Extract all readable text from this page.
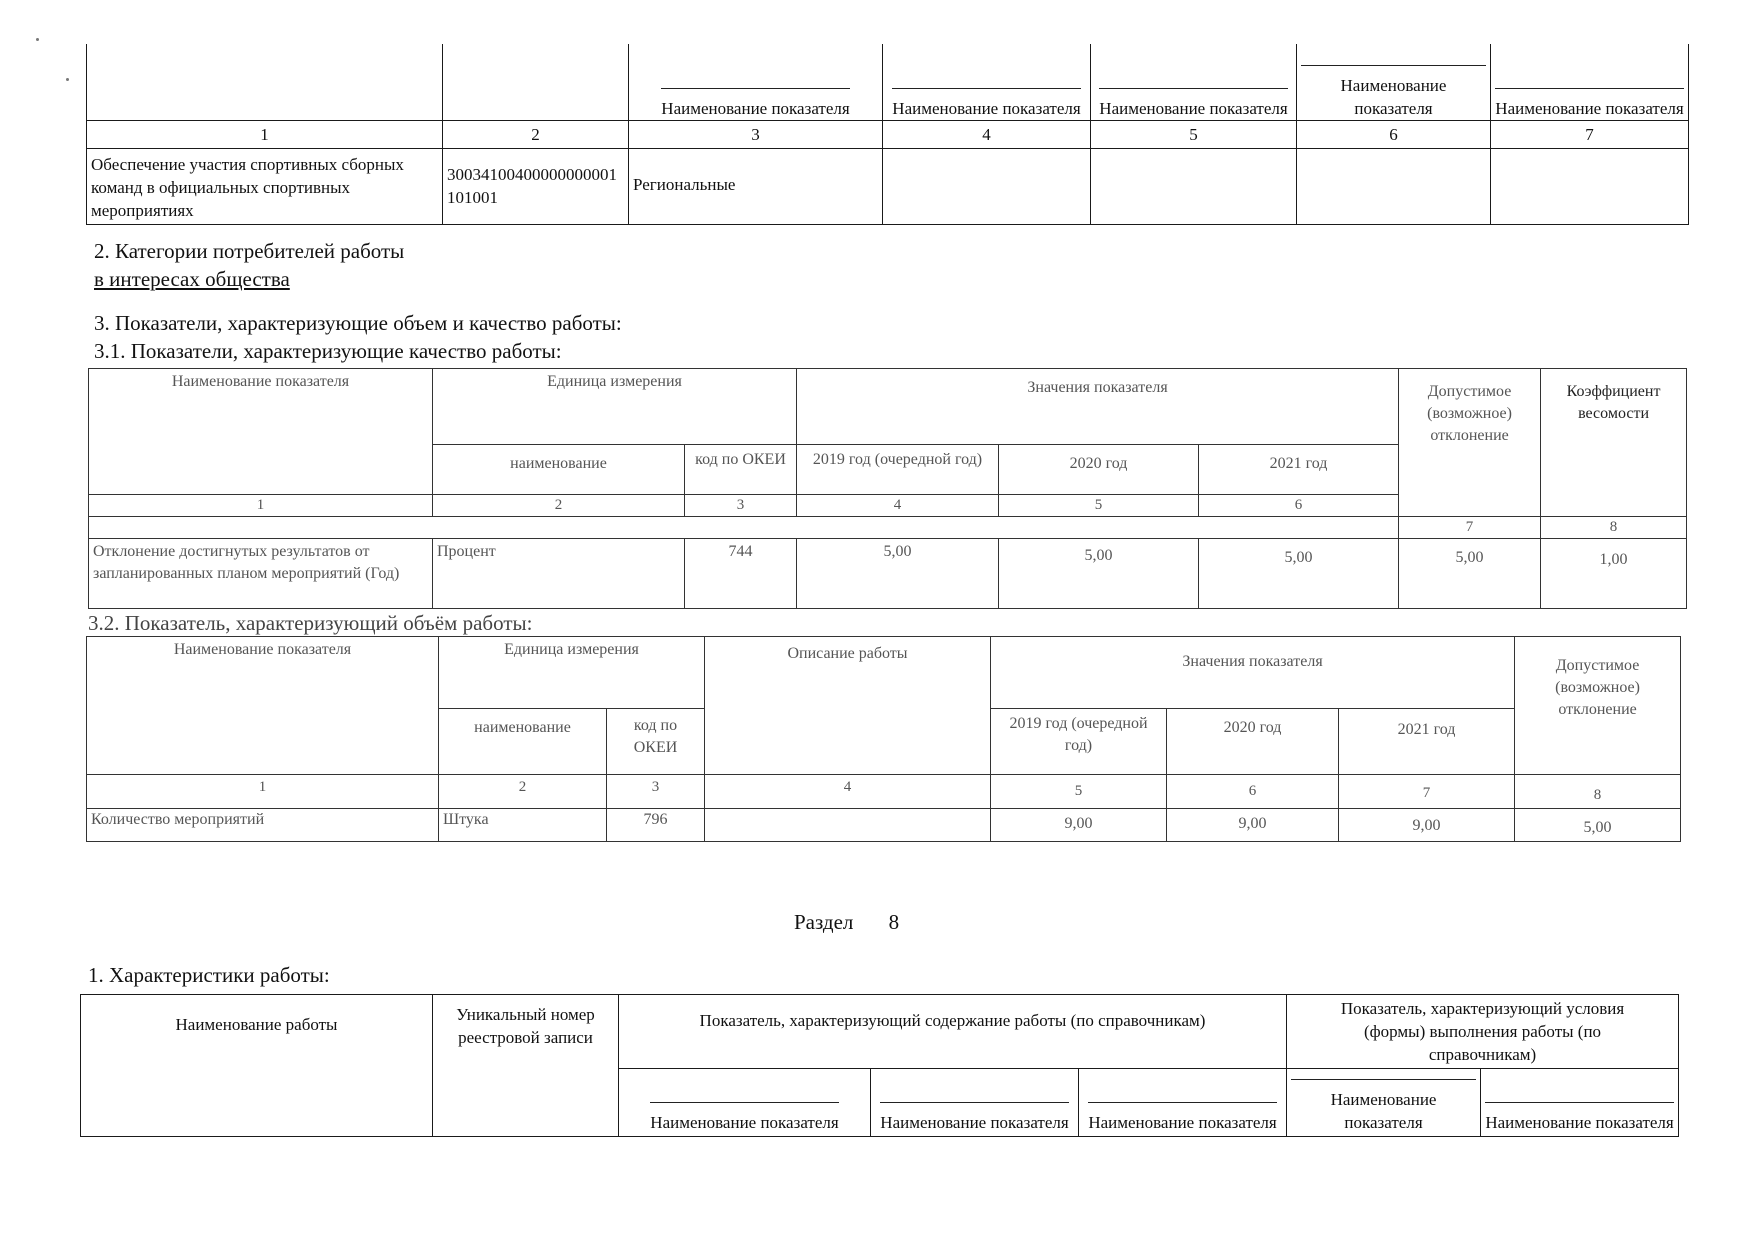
		Наименование показателя	Наименование показателя	Наименование показателя	Наименование показателя	Наименование показателя
1	2	3	4	5	6	7
Обеспечение участия спортивных сборных команд в официальных спортивных мероприятиях	30034100400000000001101001	Региональные				
2. Категории потребителей работы
в интересах общества
3. Показатели, характеризующие объем и качество работы:
3.1. Показатели, характеризующие качество работы:
Наименование показателя	Единица измерения		Значения показателя			Допустимое (возможное) отклонение	Коэффициент весомости
	наименование	код по ОКЕИ	2019 год (очередной год)	2020 год	2021 год		
1	2	3	4	5	6		
						7	8
Отклонение достигнутых результатов от запланированных планом мероприятий (Год)	Процент	744	5,00	5,00	5,00	5,00	1,00
3.2. Показатель, характеризующий объём работы:
Наименование показателя	Единица измерения		Описание работы	Значения показателя			Допустимое (возможное) отклонение
	наименование	код по ОКЕИ		2019 год (очередной год)	2020 год	2021 год	
1	2	3	4	5	6	7	8
Количество мероприятий	Штука	796		9,00	9,00	9,00	5,00
Раздел 8
1. Характеристики работы:
Наименование работы	Уникальный номер реестровой записи	Показатель, характеризующий содержание работы (по справочникам)			Показатель, характеризующий условия (формы) выполнения работы (по справочникам)	
		Наименование показателя	Наименование показателя	Наименование показателя	Наименование показателя	Наименование показателя
